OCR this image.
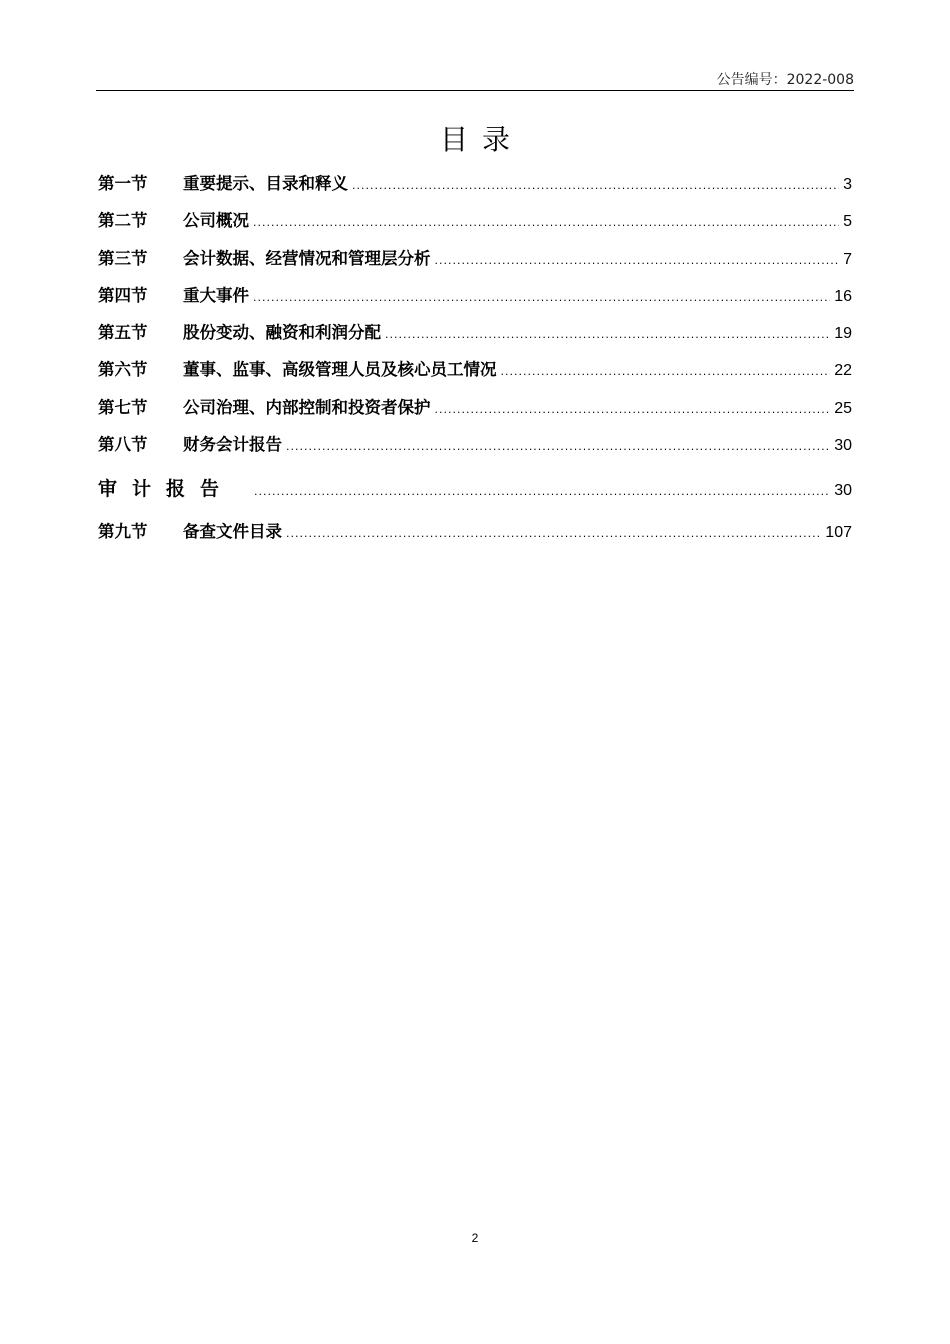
公告编号：2022-008
目录
第一节	重要提示、目录和释义 .....	3
第二节	公司概况 .....	5
第三节	会计数据、经营情况和管理层分析 .....	7
第四节	重大事件 .....	16
第五节	股份变动、融资和利润分配 .....	19
第六节	董事、监事、高级管理人员及核心员工情况 .....	22
第七节	公司治理、内部控制和投资者保护 .....	25
第八节	财务会计报告 .....	30
审计报告 .....	30
第九节	备查文件目录 .....	107
2
